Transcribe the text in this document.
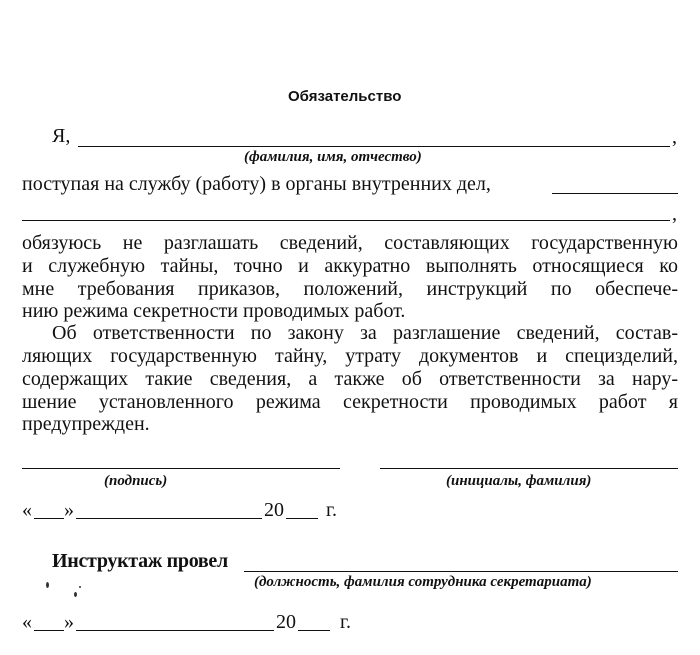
Обязательство
Я,	,
(фамилия, имя, отчество)
поступая на службу (работу) в органы внутренних дел,
,
обязуюсь не разглашать сведений, составляющих государственную
и служебную тайны, точно и аккуратно выполнять относящиеся ко
мне требования приказов, положений, инструкций по обеспече-
нию режима секретности проводимых работ.
Об ответственности по закону за разглашение сведений, состав-
ляющих государственную тайну, утрату документов и специзделий,
содержащих такие сведения, а также об ответственности за нару-
шение установленного режима секретности проводимых работ я
предупрежден.
(подпись)	(инициалы, фамилия)
« »	20 г.
Инструктаж провел
(должность, фамилия сотрудника секретариата)
« »	20 г.
